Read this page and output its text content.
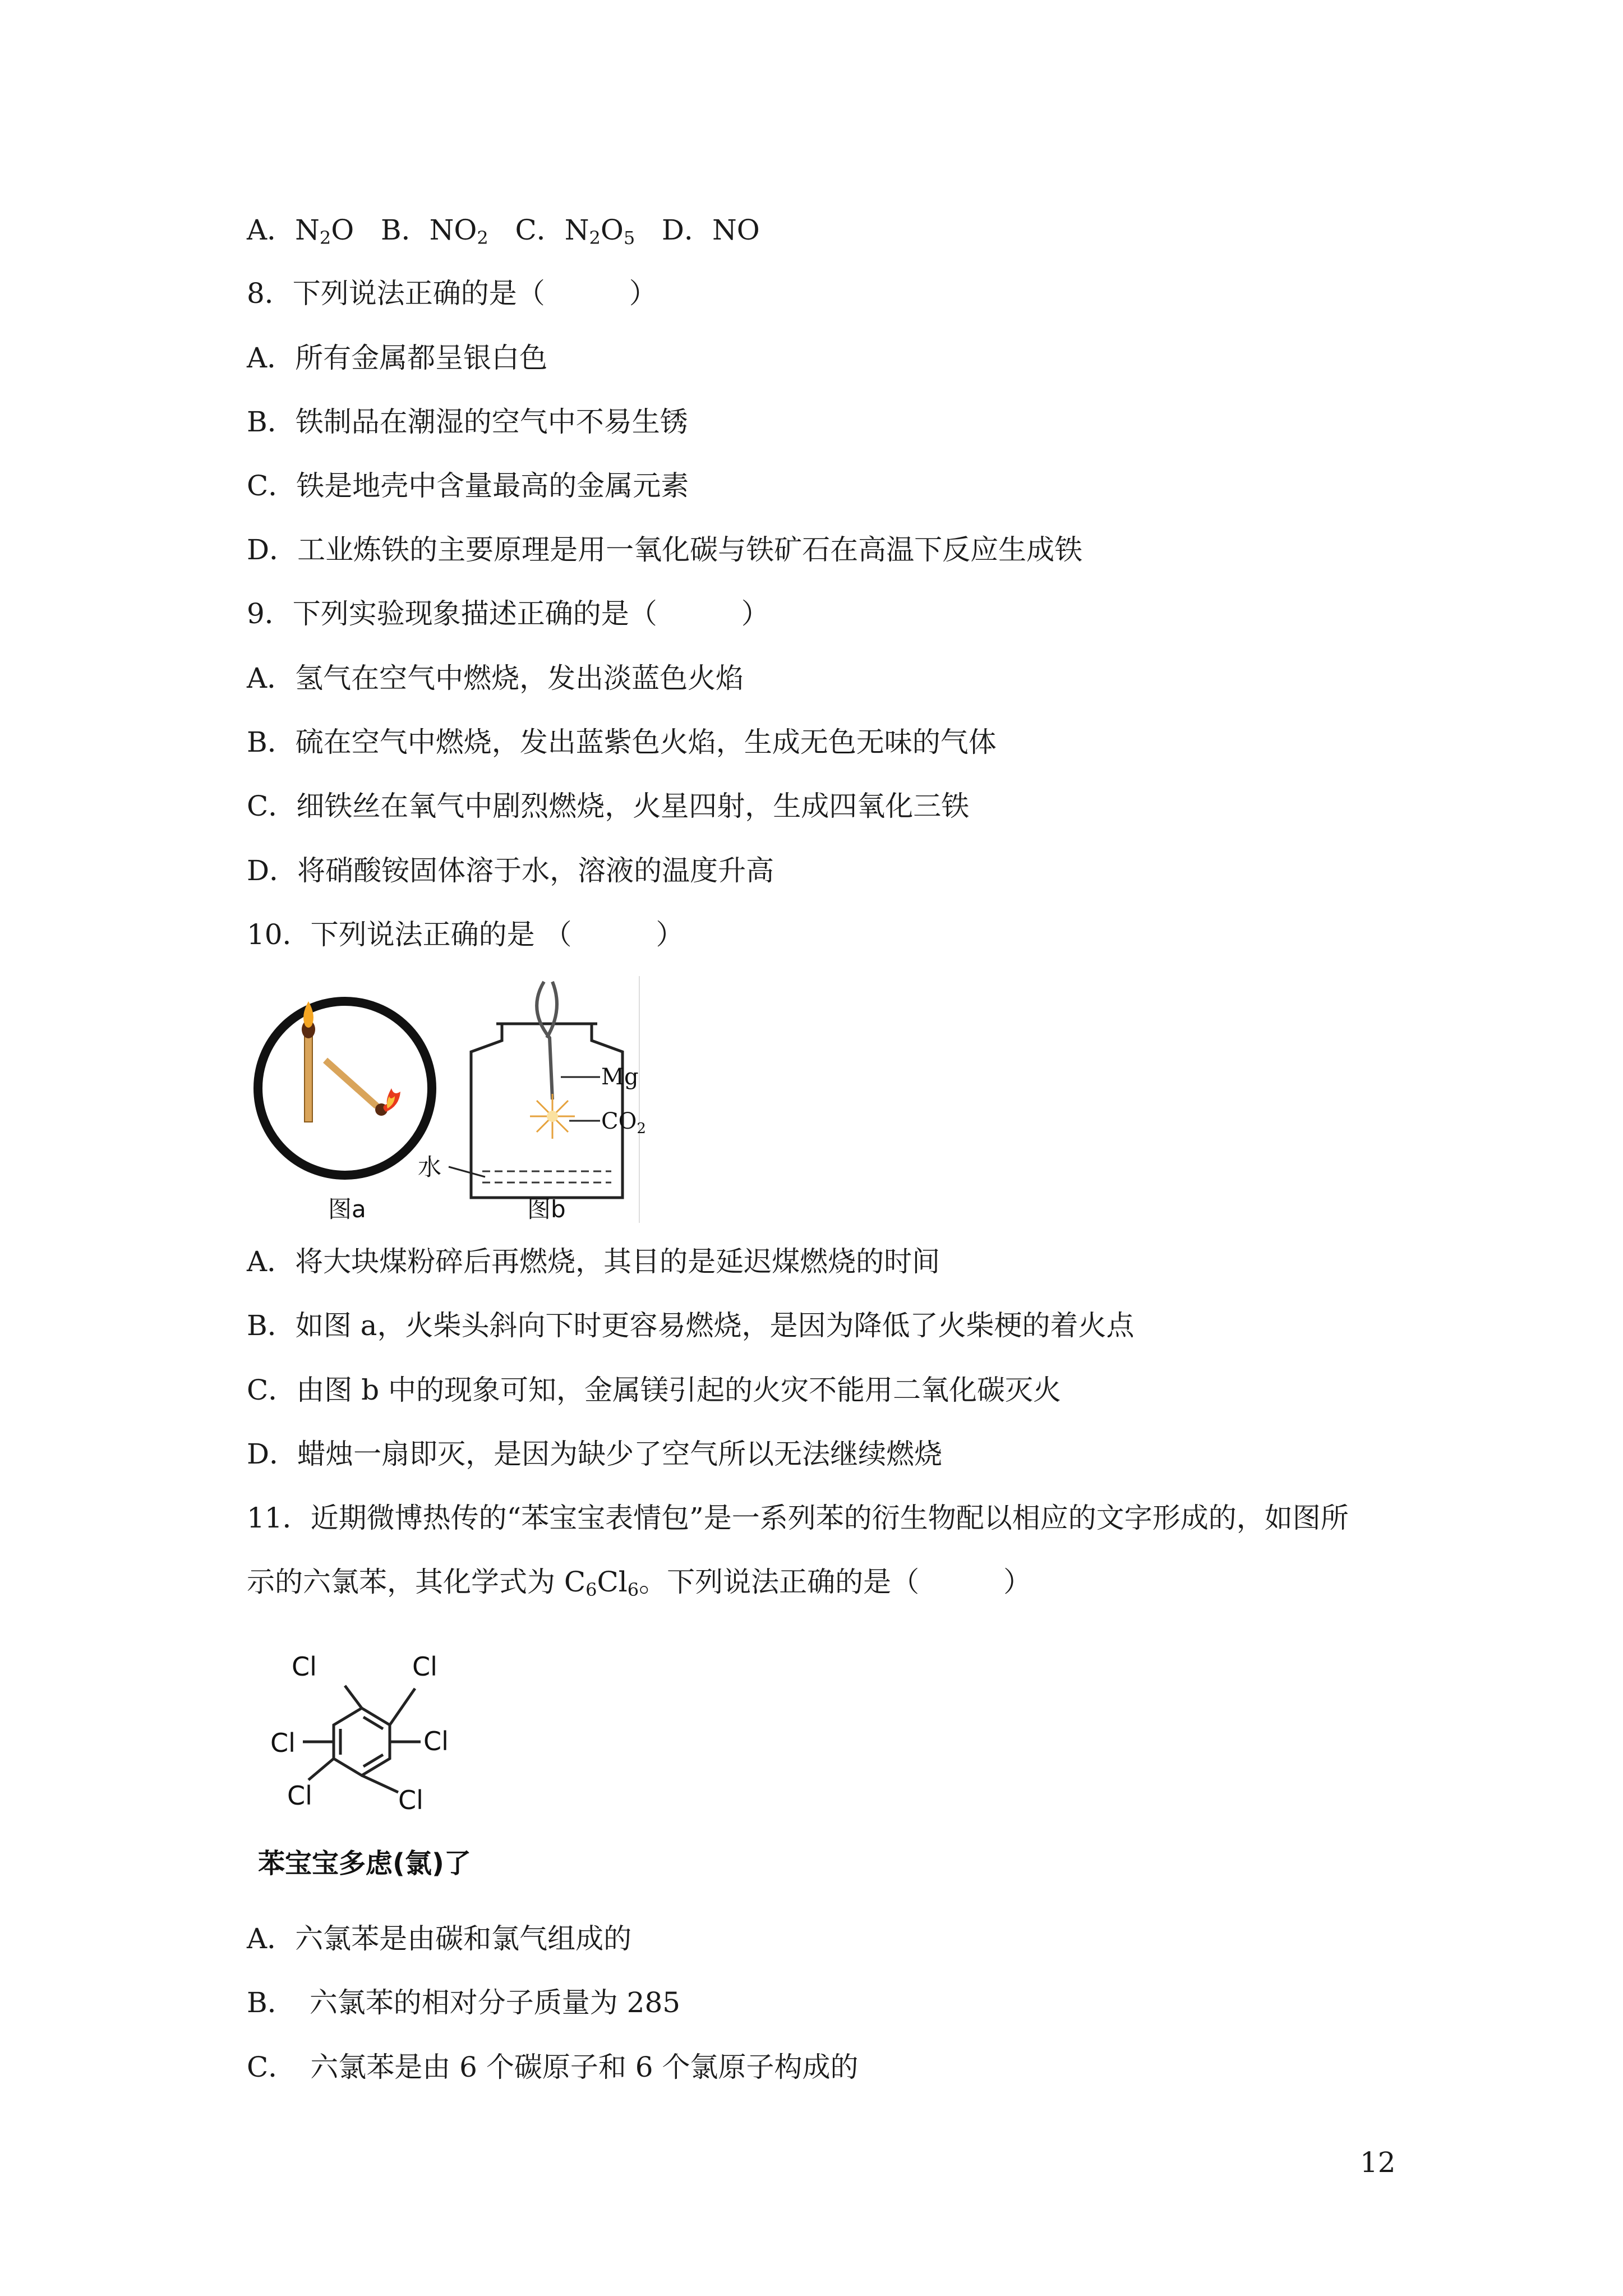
A．$N_2O$ B．$NO_2$ C．$N_2O_5$ D．NO
8．下列说法正确的是（　　　）
A．所有金属都呈银白色
B．铁制品在潮湿的空气中不易生锈
C．铁是地壳中含量最高的金属元素
D．工业炼铁的主要原理是用一氧化碳与铁矿石在高温下反应生成铁
9．下列实验现象描述正确的是（　　　）
A．氢气在空气中燃烧，发出淡蓝色火焰
B．硫在空气中燃烧，发出蓝紫色火焰，生成无色无味的气体
C．细铁丝在氧气中剧烈燃烧，火星四射，生成四氧化三铁
D．将硝酸铵固体溶于水，溶液的温度升高
10．下列说法正确的是 （　　　）
Mg
$CO_2$
水
图a	图b
A．将大块煤粉碎后再燃烧，其目的是延迟煤燃烧的时间
B．如图 a，火柴头斜向下时更容易燃烧，是因为降低了火柴梗的着火点
C．由图 b 中的现象可知，金属镁引起的火灾不能用二氧化碳灭火
D．蜡烛一扇即灭，是因为缺少了空气所以无法继续燃烧
11．近期微博热传的“苯宝宝表情包”是一系列苯的衍生物配以相应的文字形成的，如图所
示的六氯苯，其化学式为 $C_6Cl_6$。下列说法正确的是（　　　）
Cl	Cl
Cl	Cl
Cl	Cl
苯宝宝多虑(氯)了
A．六氯苯是由碳和氯气组成的
B．　六氯苯的相对分子质量为 285
C．　六氯苯是由 6 个碳原子和 6 个氯原子构成的
12
